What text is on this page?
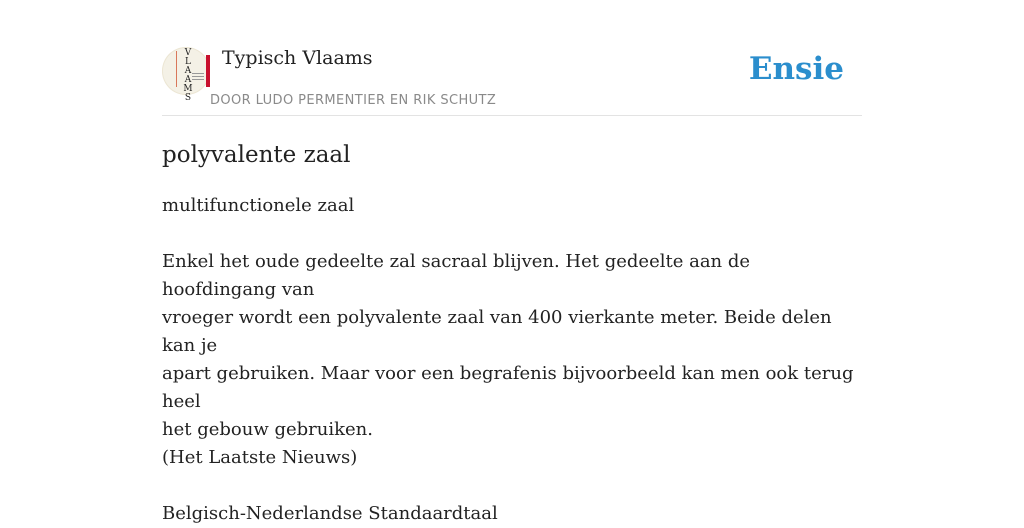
V
L
A
A
M
S
Typisch Vlaams
DOOR LUDO PERMENTIER EN RIK SCHUTZ
Ensie
polyvalente zaal

multifunctionele zaal

Enkel het oude gedeelte zal sacraal blijven. Het gedeelte aan de hoofdingang van

vroeger wordt een polyvalente zaal van 400 vierkante meter. Beide delen kan je

apart gebruiken. Maar voor een begrafenis bijvoorbeeld kan men ook terug heel

het gebouw gebruiken.

(Het Laatste Nieuws)

Belgisch-Nederlandse Standaardtaal
